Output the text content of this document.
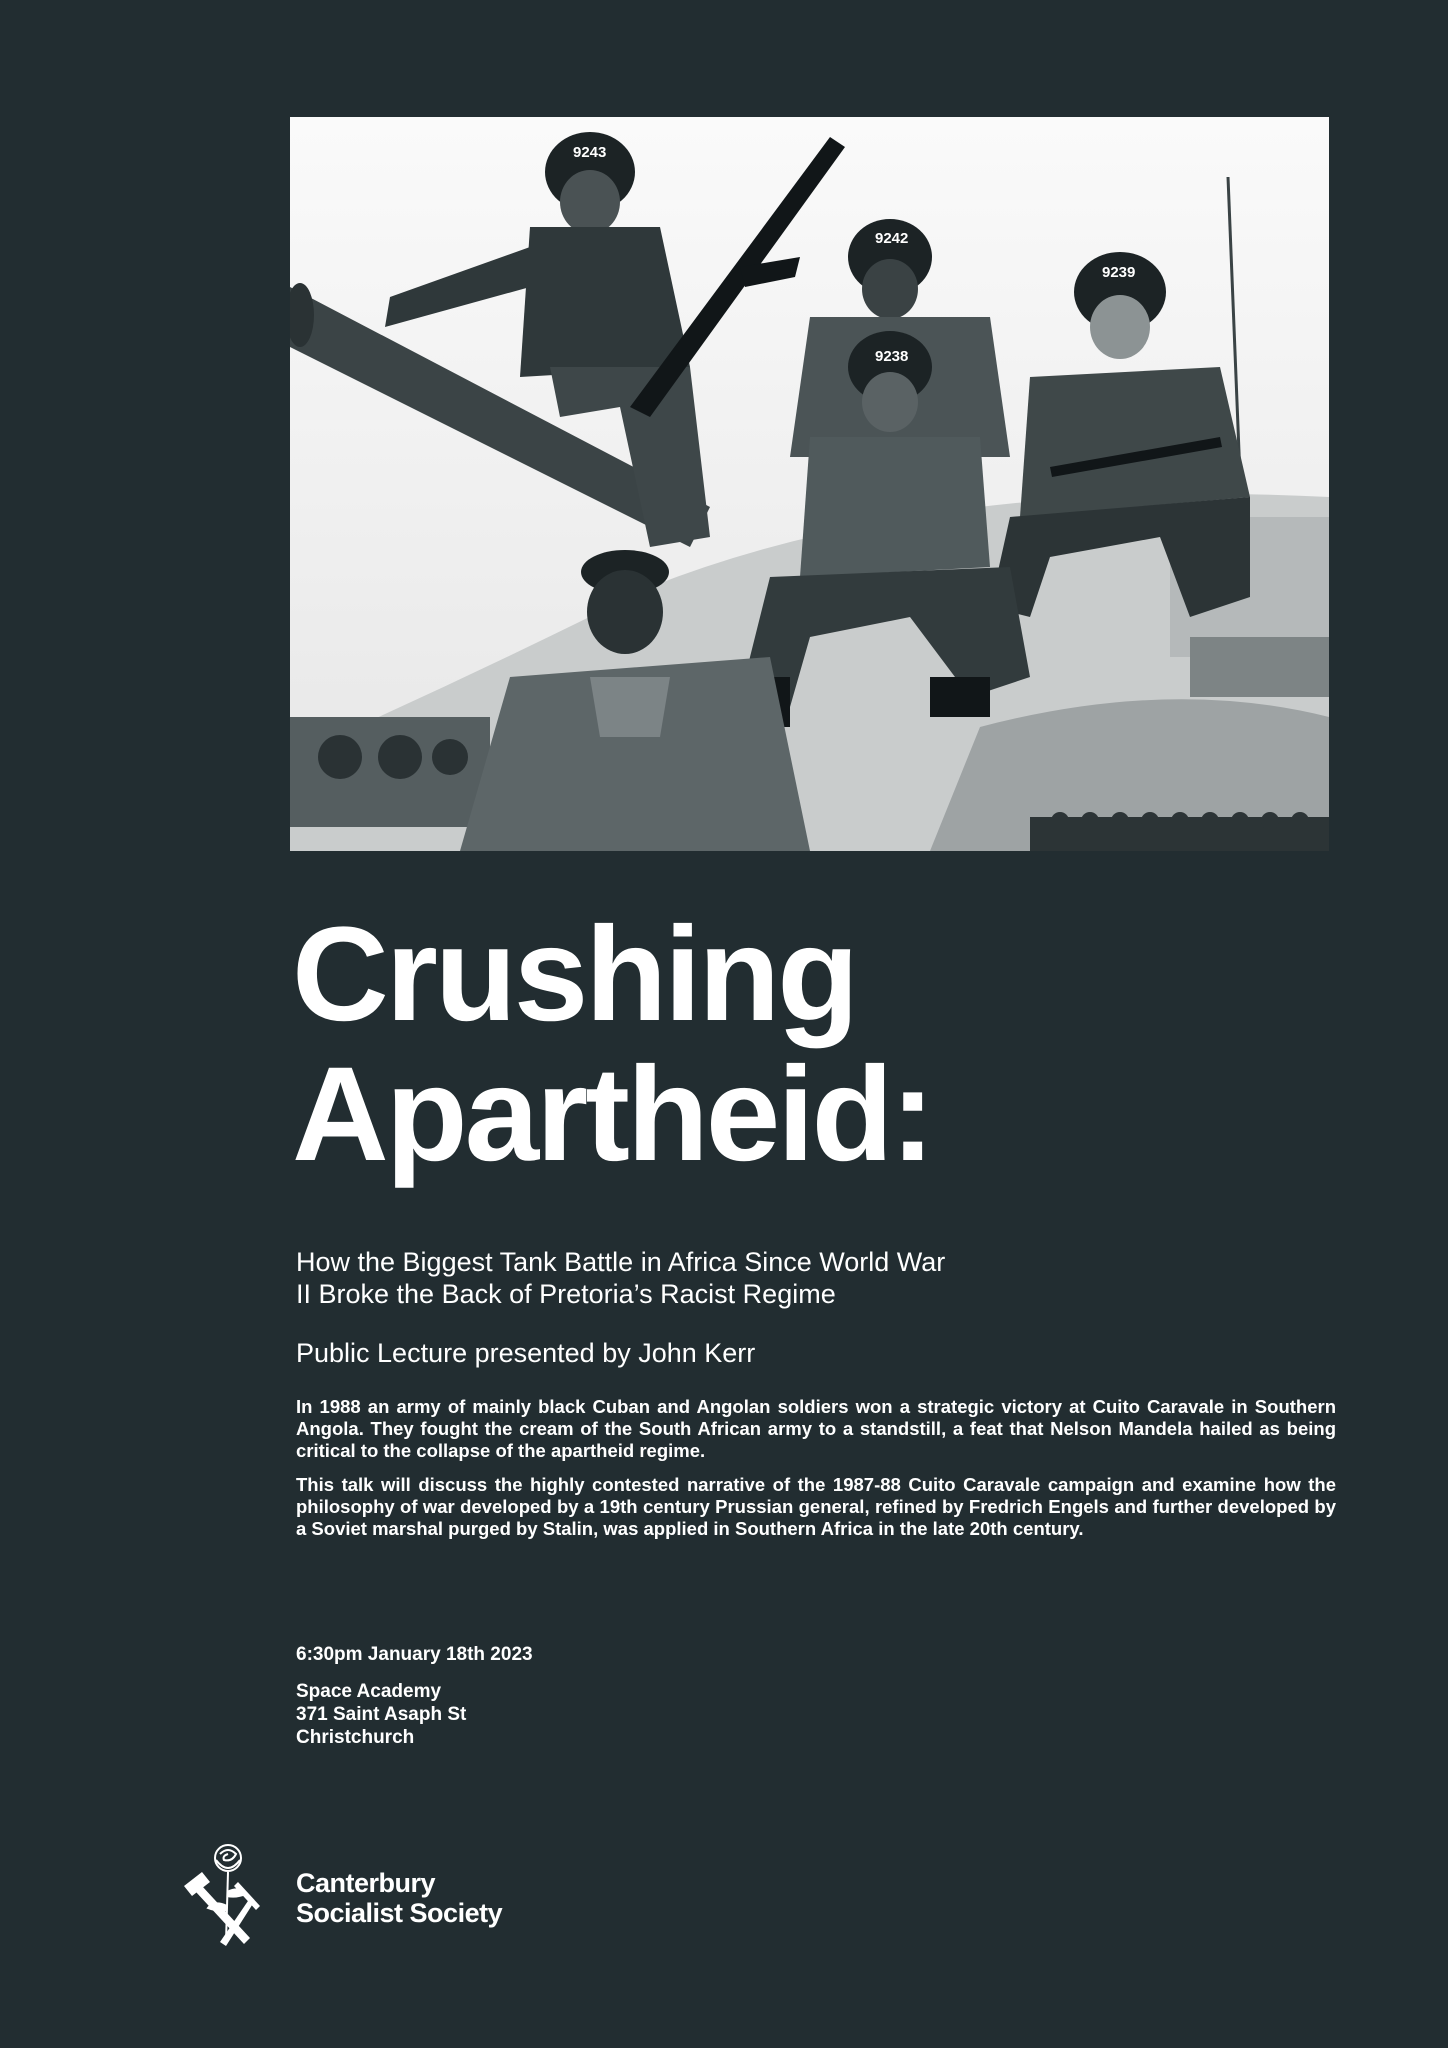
9243
9242
9239
9238
Crushing
Apartheid:
How the Biggest Tank Battle in Africa Since World War
II Broke the Back of Pretoria’s Racist Regime

Public Lecture presented by John Kerr

In 1988 an army of mainly black Cuban and Angolan soldiers won a strategic victory at Cuito Caravale in Southern Angola. They fought the cream of the South African army to a standstill, a feat that Nelson Mandela hailed as being critical to the collapse of the apartheid regime.

This talk will discuss the highly contested narrative of the 1987-88 Cuito Caravale campaign and examine how the philosophy of war developed by a 19th century Prussian general, refined by Fredrich Engels and further developed by a Soviet marshal purged by Stalin, was applied in Southern Africa in the late 20th century.

6:30pm January 18th 2023

Space Academy
371 Saint Asaph St
Christchurch
Canterbury
Socialist Society
